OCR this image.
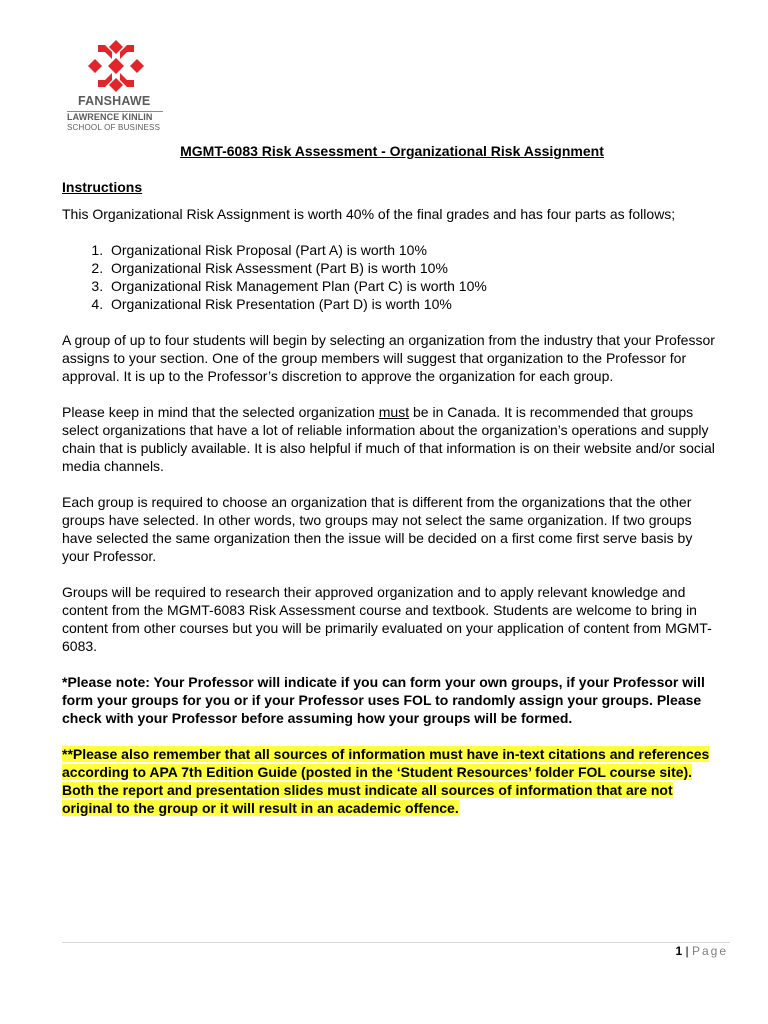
FANSHAWE
LAWRENCE KINLIN
SCHOOL OF BUSINESS
MGMT-6083 Risk Assessment - Organizational Risk Assignment
Instructions

This Organizational Risk Assignment is worth 40% of the final grades and has four parts as follows;

1. Organizational Risk Proposal (Part A) is worth 10%
2. Organizational Risk Assessment (Part B) is worth 10%
3. Organizational Risk Management Plan (Part C) is worth 10%
4. Organizational Risk Presentation (Part D) is worth 10%

A group of up to four students will begin by selecting an organization from the industry that your Professor assigns to your section. One of the group members will suggest that organization to the Professor for approval. It is up to the Professor’s discretion to approve the organization for each group.

Please keep in mind that the selected organization must be in Canada. It is recommended that groups select organizations that have a lot of reliable information about the organization’s operations and supply chain that is publicly available. It is also helpful if much of that information is on their website and/or social media channels.

Each group is required to choose an organization that is different from the organizations that the other groups have selected. In other words, two groups may not select the same organization. If two groups have selected the same organization then the issue will be decided on a first come first serve basis by your Professor.

Groups will be required to research their approved organization and to apply relevant knowledge and content from the MGMT-6083 Risk Assessment course and textbook. Students are welcome to bring in content from other courses but you will be primarily evaluated on your application of content from MGMT-6083.

*Please note: Your Professor will indicate if you can form your own groups, if your Professor will form your groups for you or if your Professor uses FOL to randomly assign your groups. Please check with your Professor before assuming how your groups will be formed.

**Please also remember that all sources of information must have in-text citations and references according to APA 7th Edition Guide (posted in the ‘Student Resources’ folder FOL course site). Both the report and presentation slides must indicate all sources of information that are not original to the group or it will result in an academic offence.

1 | Page
